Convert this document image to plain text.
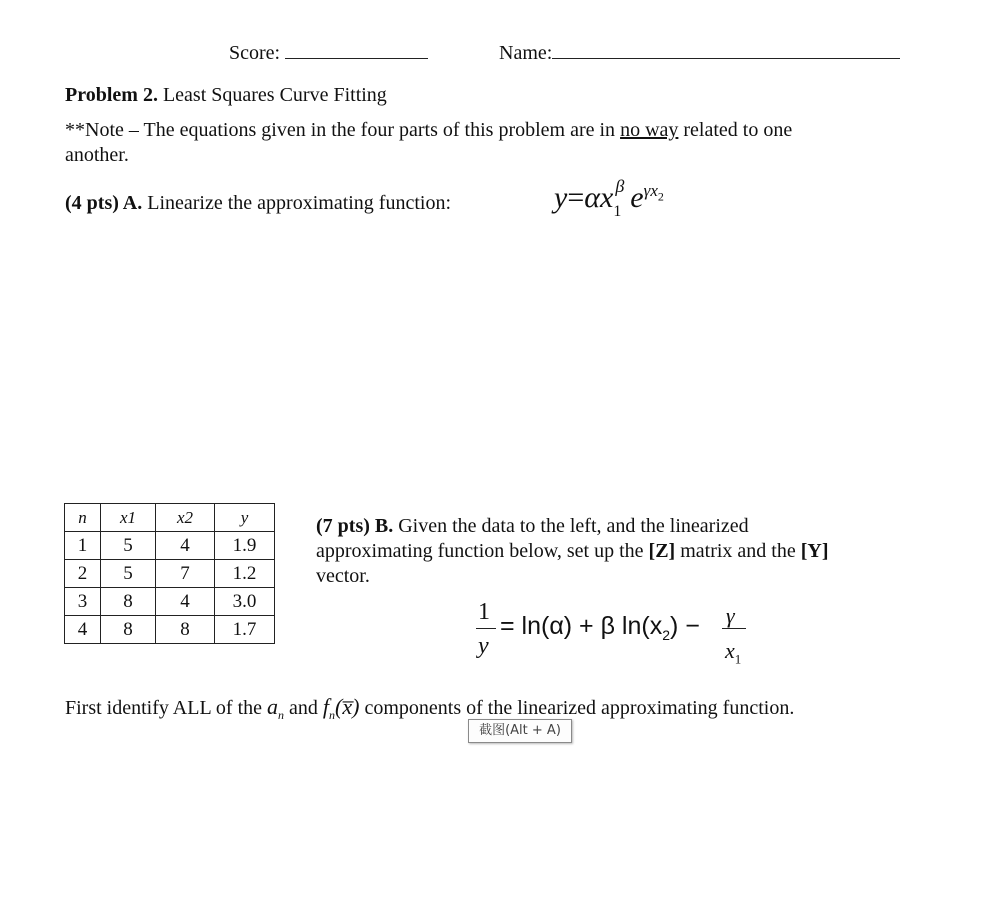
Score:	Name:
Problem 2. Least Squares Curve Fitting
**Note – The equations given in the four parts of this problem are in no way related to one
another.
(4 pts) A. Linearize the approximating function:	$y=\alpha x_1^\beta$ $e^{\gamma x_2}$
n	x1	x2	y
1	5	4	1.9
2	5	7	1.2
3	8	4	3.0
4	8	8	1.7
(7 pts) B. Given the data to the left, and the linearized
approximating function below, set up the [Z] matrix and the [Y]
vector.
1
y
= ln(α) + β $\ln(x_2) - \gamma$
$x_1$
First identify ALL of the $a_n$ and $f_n(x̅)$ components of the linearized approximating function.
截图(Alt + A)
